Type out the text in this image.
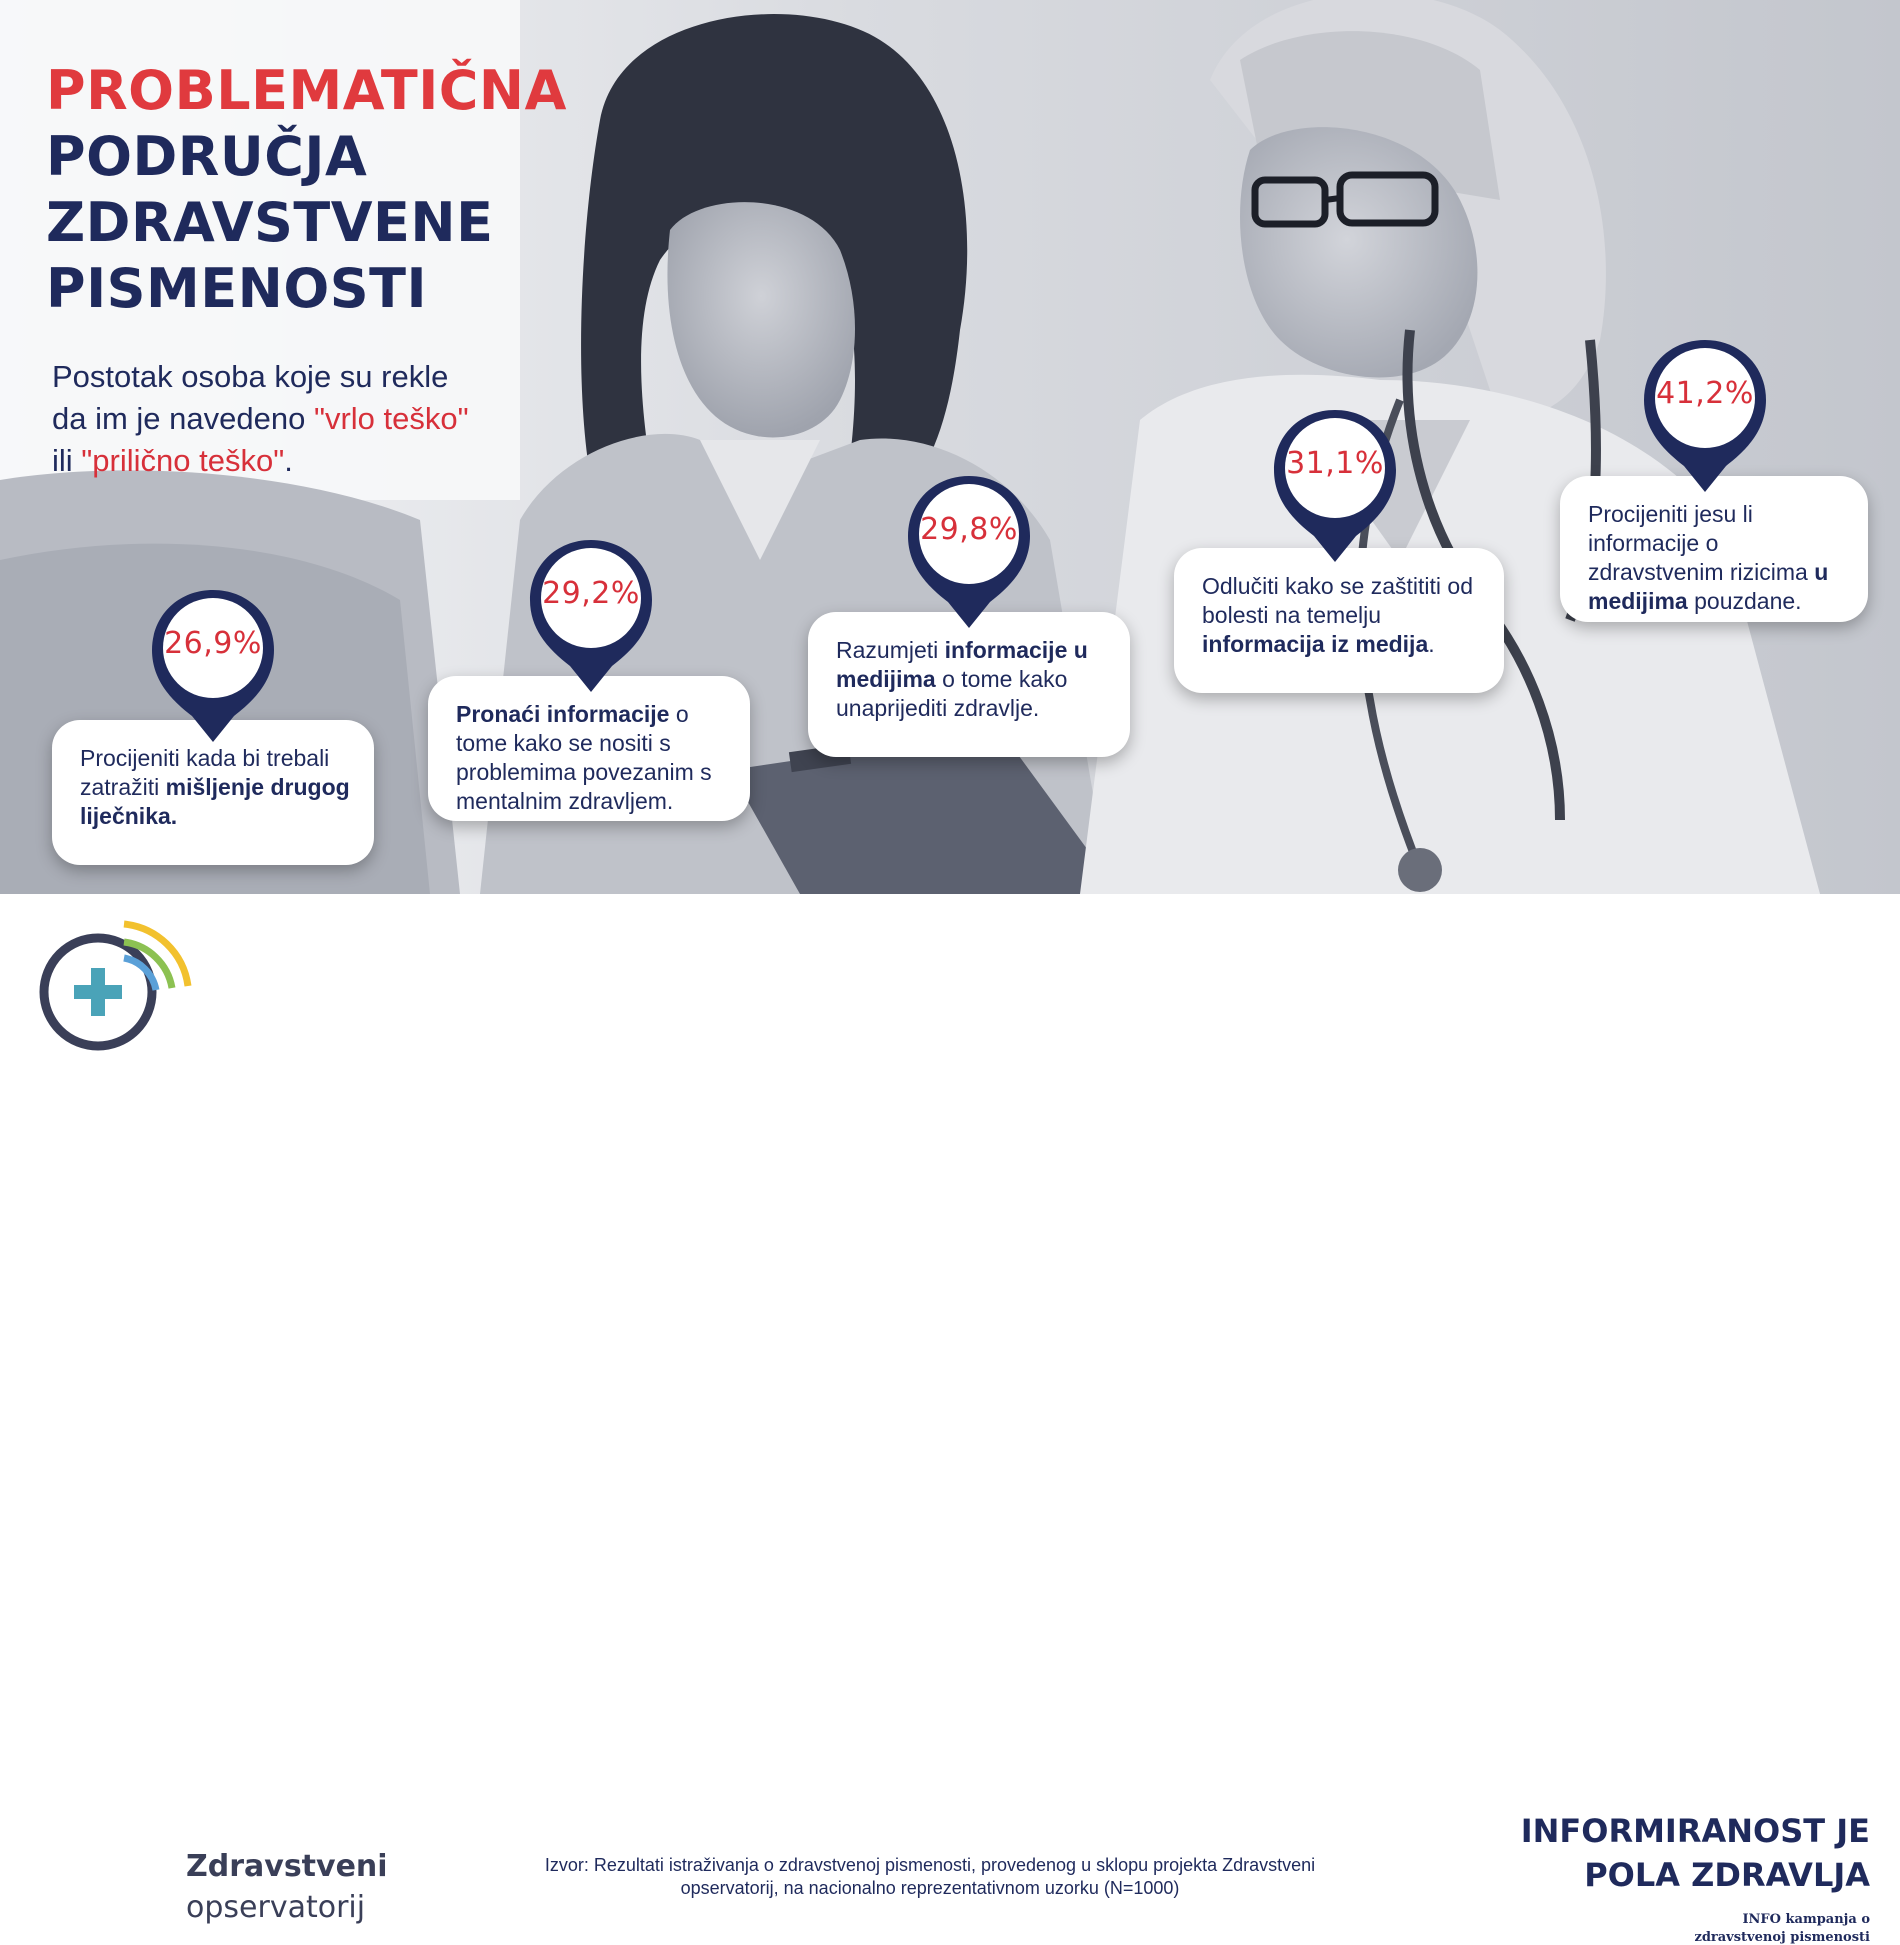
PROBLEMATIČNA
PODRUČJA
ZDRAVSTVENE
PISMENOSTI
Postotak osoba koje su rekle
da im je navedeno "vrlo teško"
ili "prilično teško".
Procijeniti kada bi trebali zatražiti mišljenje drugog liječnika.
Pronaći informacije o tome kako se nositi s problemima povezanim s mentalnim zdravljem.
Razumjeti informacije u medijima o tome kako unaprijediti zdravlje.
Odlučiti kako se zaštititi od bolesti na temelju informacija iz medija.
Procijeniti jesu li informacije o zdravstvenim rizicima u medijima pouzdane.
26,9%
29,2%
29,8%
31,1%
41,2%
Zdravstveni
opservatorij
Izvor: Rezultati istraživanja o zdravstvenoj pismenosti, provedenog u sklopu projekta Zdravstveni
opservatorij, na nacionalno reprezentativnom uzorku (N=1000)
INFORMIRANOST JE
POLA ZDRAVLJA
INFO kampanja o
zdravstvenoj pismenosti
